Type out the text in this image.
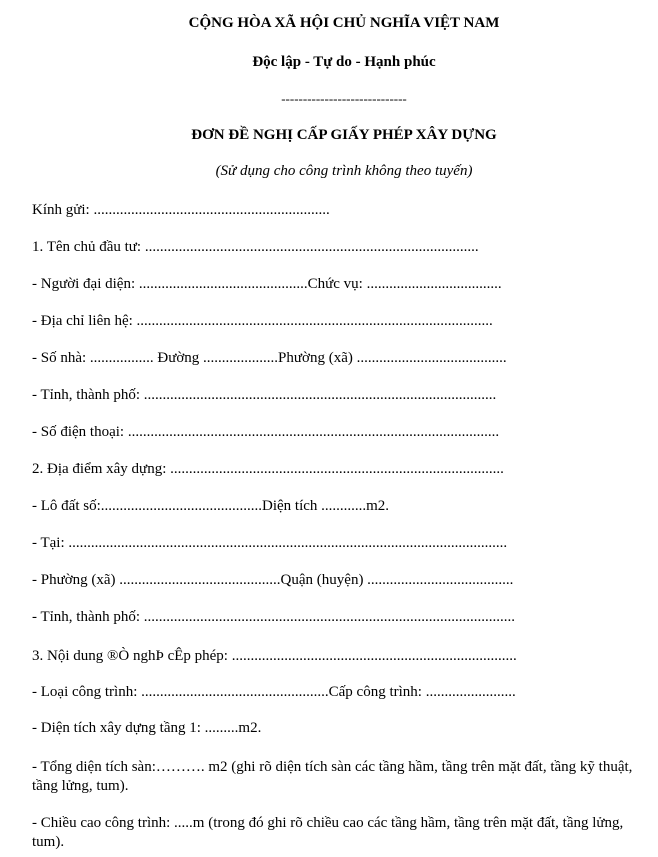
CỘNG HÒA XÃ HỘI CHỦ NGHĨA VIỆT NAM
Độc lập - Tự do - Hạnh phúc
-----------------------------
ĐƠN ĐỀ NGHỊ CẤP GIẤY PHÉP XÂY DỰNG
(Sử dụng cho công trình không theo tuyến)
Kính gửi: ...............................................................
1. Tên chủ đầu tư: .........................................................................................
- Người đại diện: .............................................Chức vụ: ....................................
- Địa chỉ liên hệ: ...............................................................................................
- Số nhà: ................. Đường ....................Phường (xã) ........................................
- Tỉnh, thành phố: ..............................................................................................
- Số điện thoại: ...................................................................................................
2. Địa điểm xây dựng: .........................................................................................
- Lô đất số:...........................................Diện tích ............m2.
- Tại: .....................................................................................................................
- Phường (xã) ...........................................Quận (huyện) .......................................
- Tỉnh, thành phố: ...................................................................................................
3. Nội dung ®Ò nghÞ cÊp phép: ............................................................................
- Loại công trình: ..................................................Cấp công trình: ........................
- Diện tích xây dựng tầng 1: .........m2.
- Tổng diện tích sàn:………. m2 (ghi rõ diện tích sàn các tầng hầm, tầng trên mặt đất, tầng kỹ thuật, tầng lửng, tum).
- Chiều cao công trình: .....m (trong đó ghi rõ chiều cao các tầng hầm, tầng trên mặt đất, tầng lửng, tum).
